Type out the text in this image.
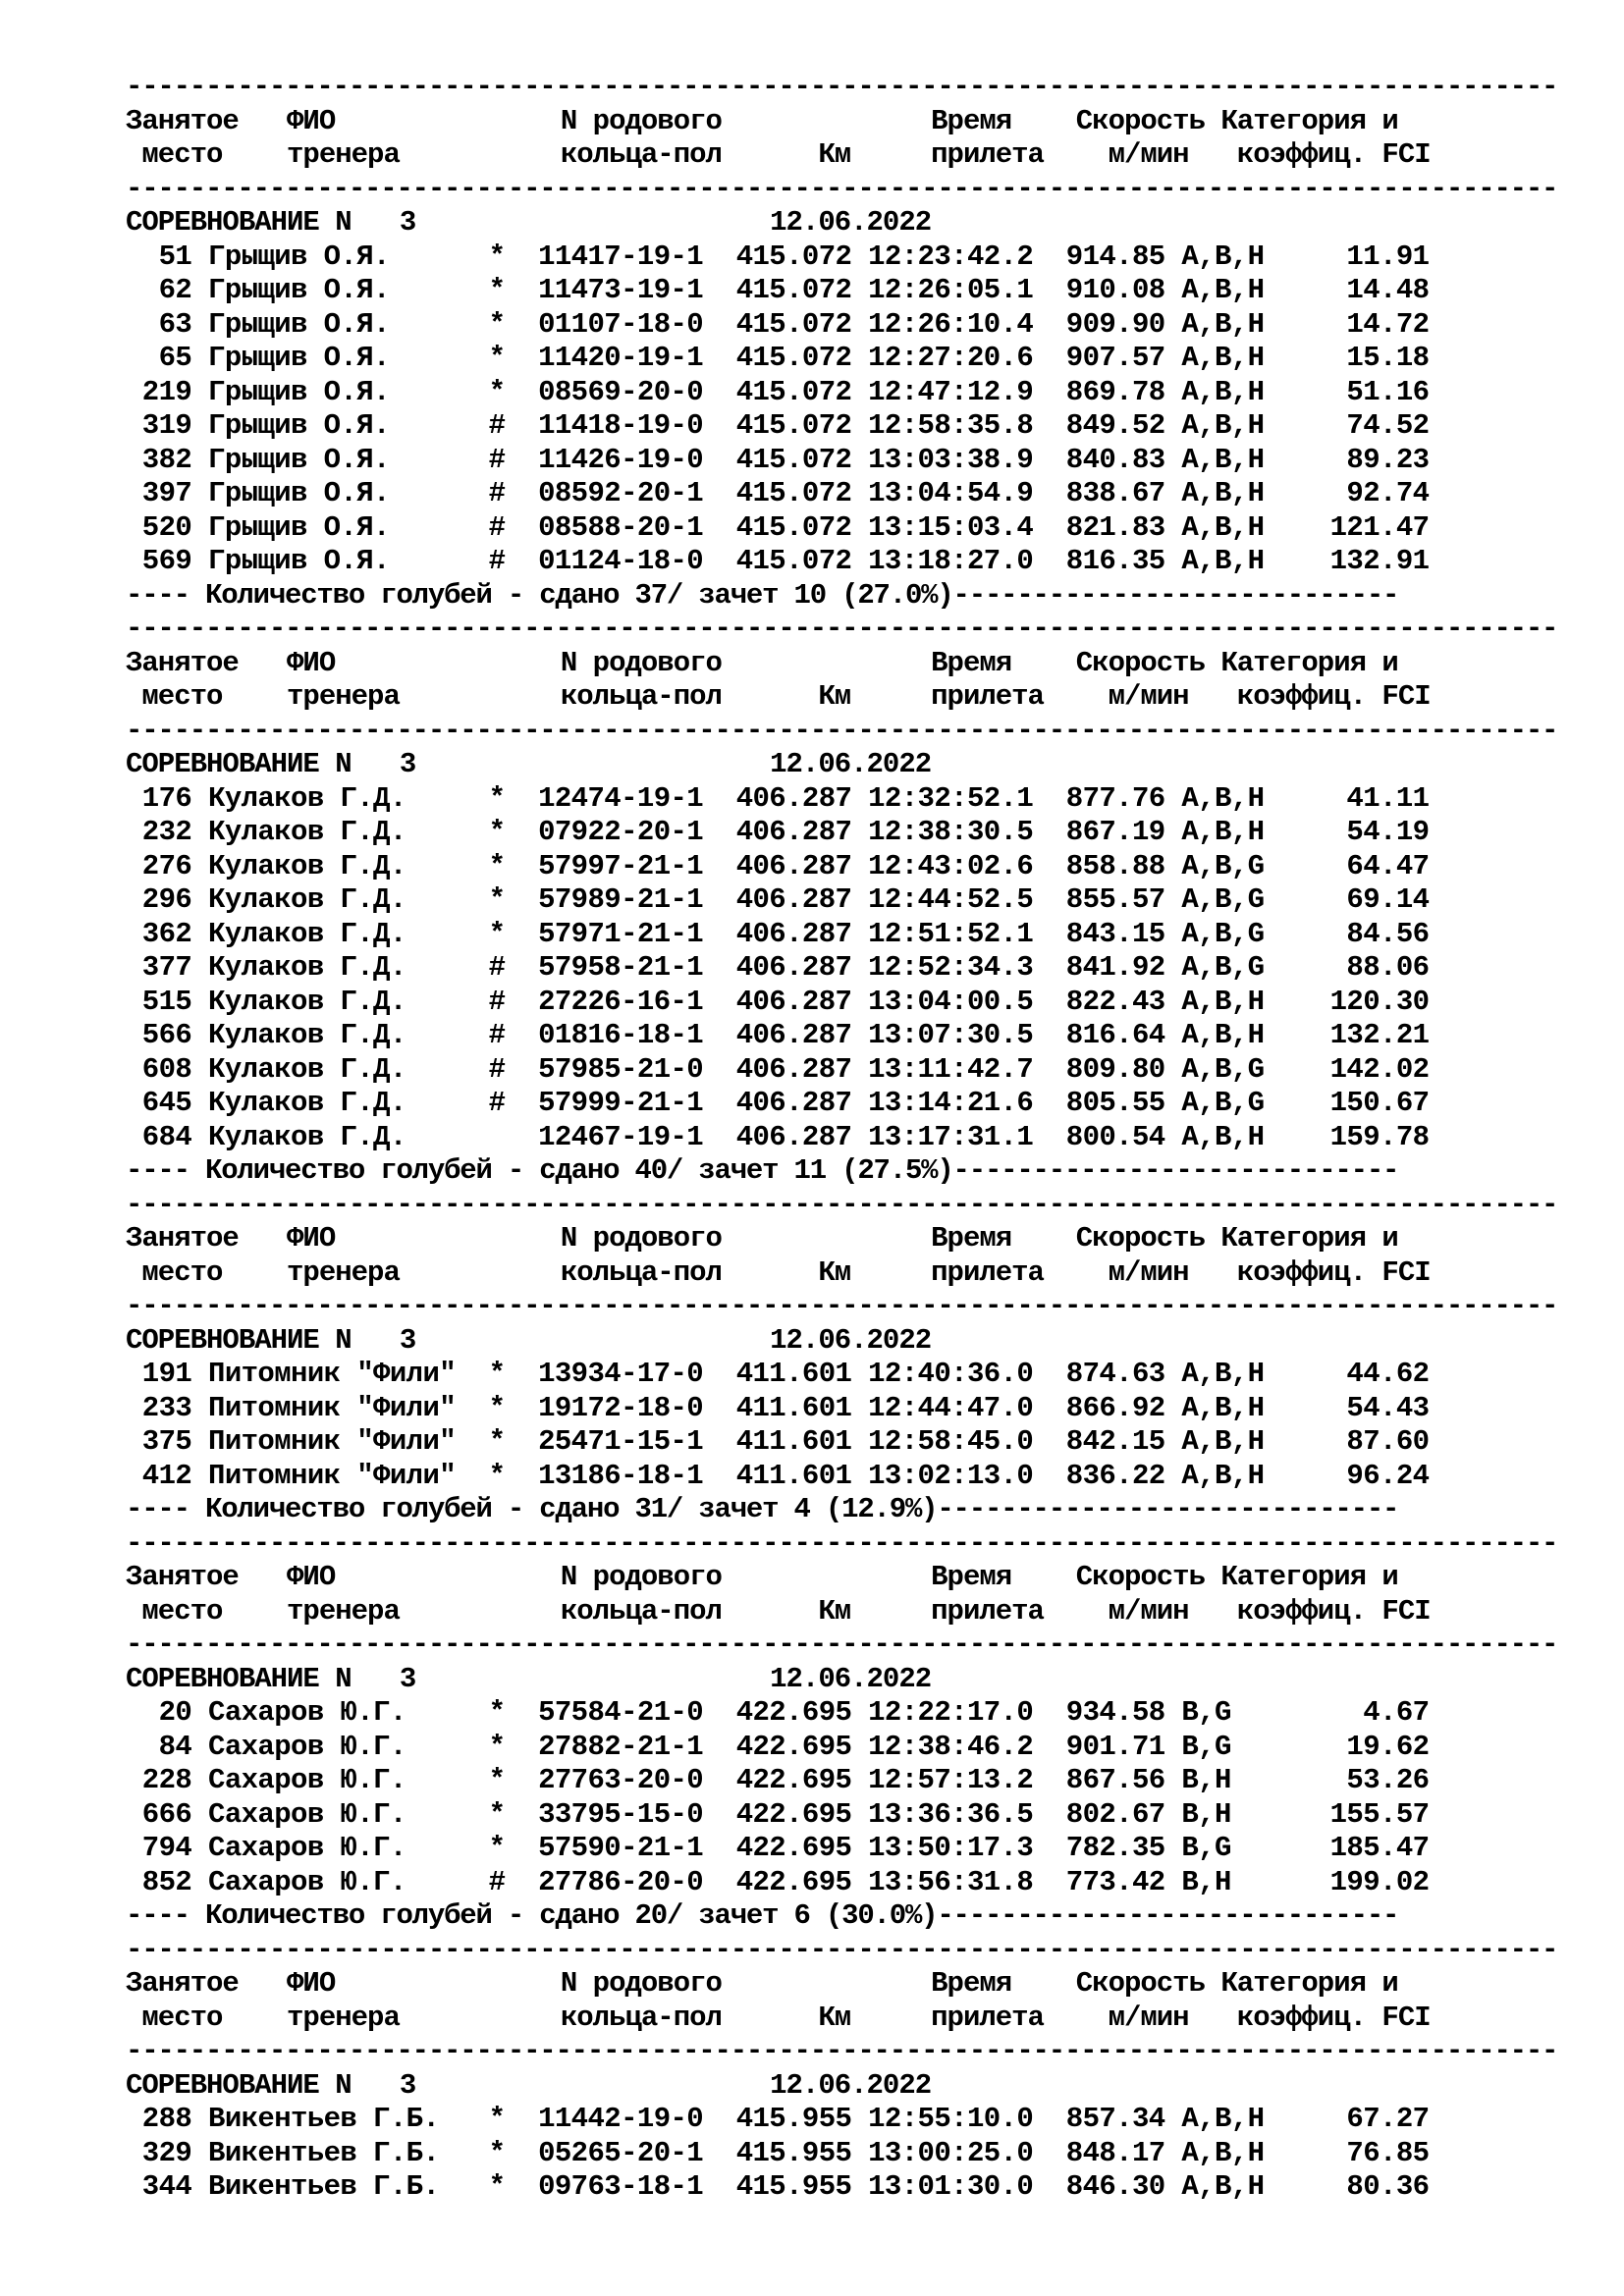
------------------------------------------------------------------------------------------
Занятое   ФИО              N родового             Время    Скорость Категория и
место    тренера          кольца-пол      Км     прилета    м/мин   коэффиц. FCI
------------------------------------------------------------------------------------------
СОРЕВНОВАНИЕ N   3                      12.06.2022
51 Грыщив О.Я.      *  11417-19-1  415.072 12:23:42.2  914.85 A,B,H     11.91
62 Грыщив О.Я.      *  11473-19-1  415.072 12:26:05.1  910.08 A,B,H     14.48
63 Грыщив О.Я.      *  01107-18-0  415.072 12:26:10.4  909.90 A,B,H     14.72
65 Грыщив О.Я.      *  11420-19-1  415.072 12:27:20.6  907.57 A,B,H     15.18
219 Грыщив О.Я.      *  08569-20-0  415.072 12:47:12.9  869.78 A,B,H     51.16
319 Грыщив О.Я.      #  11418-19-0  415.072 12:58:35.8  849.52 A,B,H     74.52
382 Грыщив О.Я.      #  11426-19-0  415.072 13:03:38.9  840.83 A,B,H     89.23
397 Грыщив О.Я.      #  08592-20-1  415.072 13:04:54.9  838.67 A,B,H     92.74
520 Грыщив О.Я.      #  08588-20-1  415.072 13:15:03.4  821.83 A,B,H    121.47
569 Грыщив О.Я.      #  01124-18-0  415.072 13:18:27.0  816.35 A,B,H    132.91
---- Количество голубей - сдано 37/ зачет 10 (27.0%)----------------------------
------------------------------------------------------------------------------------------
Занятое   ФИО              N родового             Время    Скорость Категория и
место    тренера          кольца-пол      Км     прилета    м/мин   коэффиц. FCI
------------------------------------------------------------------------------------------
СОРЕВНОВАНИЕ N   3                      12.06.2022
176 Кулаков Г.Д.     *  12474-19-1  406.287 12:32:52.1  877.76 A,B,H     41.11
232 Кулаков Г.Д.     *  07922-20-1  406.287 12:38:30.5  867.19 A,B,H     54.19
276 Кулаков Г.Д.     *  57997-21-1  406.287 12:43:02.6  858.88 A,B,G     64.47
296 Кулаков Г.Д.     *  57989-21-1  406.287 12:44:52.5  855.57 A,B,G     69.14
362 Кулаков Г.Д.     *  57971-21-1  406.287 12:51:52.1  843.15 A,B,G     84.56
377 Кулаков Г.Д.     #  57958-21-1  406.287 12:52:34.3  841.92 A,B,G     88.06
515 Кулаков Г.Д.     #  27226-16-1  406.287 13:04:00.5  822.43 A,B,H    120.30
566 Кулаков Г.Д.     #  01816-18-1  406.287 13:07:30.5  816.64 A,B,H    132.21
608 Кулаков Г.Д.     #  57985-21-0  406.287 13:11:42.7  809.80 A,B,G    142.02
645 Кулаков Г.Д.     #  57999-21-1  406.287 13:14:21.6  805.55 A,B,G    150.67
684 Кулаков Г.Д.        12467-19-1  406.287 13:17:31.1  800.54 A,B,H    159.78
---- Количество голубей - сдано 40/ зачет 11 (27.5%)----------------------------
------------------------------------------------------------------------------------------
Занятое   ФИО              N родового             Время    Скорость Категория и
место    тренера          кольца-пол      Км     прилета    м/мин   коэффиц. FCI
------------------------------------------------------------------------------------------
СОРЕВНОВАНИЕ N   3                      12.06.2022
191 Питомник "Фили"  *  13934-17-0  411.601 12:40:36.0  874.63 A,B,H     44.62
233 Питомник "Фили"  *  19172-18-0  411.601 12:44:47.0  866.92 A,B,H     54.43
375 Питомник "Фили"  *  25471-15-1  411.601 12:58:45.0  842.15 A,B,H     87.60
412 Питомник "Фили"  *  13186-18-1  411.601 13:02:13.0  836.22 A,B,H     96.24
---- Количество голубей - сдано 31/ зачет 4 (12.9%)-----------------------------
------------------------------------------------------------------------------------------
Занятое   ФИО              N родового             Время    Скорость Категория и
место    тренера          кольца-пол      Км     прилета    м/мин   коэффиц. FCI
------------------------------------------------------------------------------------------
СОРЕВНОВАНИЕ N   3                      12.06.2022
20 Сахаров Ю.Г.     *  57584-21-0  422.695 12:22:17.0  934.58 B,G        4.67
84 Сахаров Ю.Г.     *  27882-21-1  422.695 12:38:46.2  901.71 B,G       19.62
228 Сахаров Ю.Г.     *  27763-20-0  422.695 12:57:13.2  867.56 B,H       53.26
666 Сахаров Ю.Г.     *  33795-15-0  422.695 13:36:36.5  802.67 B,H      155.57
794 Сахаров Ю.Г.     *  57590-21-1  422.695 13:50:17.3  782.35 B,G      185.47
852 Сахаров Ю.Г.     #  27786-20-0  422.695 13:56:31.8  773.42 B,H      199.02
---- Количество голубей - сдано 20/ зачет 6 (30.0%)-----------------------------
------------------------------------------------------------------------------------------
Занятое   ФИО              N родового             Время    Скорость Категория и
место    тренера          кольца-пол      Км     прилета    м/мин   коэффиц. FCI
------------------------------------------------------------------------------------------
СОРЕВНОВАНИЕ N   3                      12.06.2022
288 Викентьев Г.Б.   *  11442-19-0  415.955 12:55:10.0  857.34 A,B,H     67.27
329 Викентьев Г.Б.   *  05265-20-1  415.955 13:00:25.0  848.17 A,B,H     76.85
344 Викентьев Г.Б.   *  09763-18-1  415.955 13:01:30.0  846.30 A,B,H     80.36
